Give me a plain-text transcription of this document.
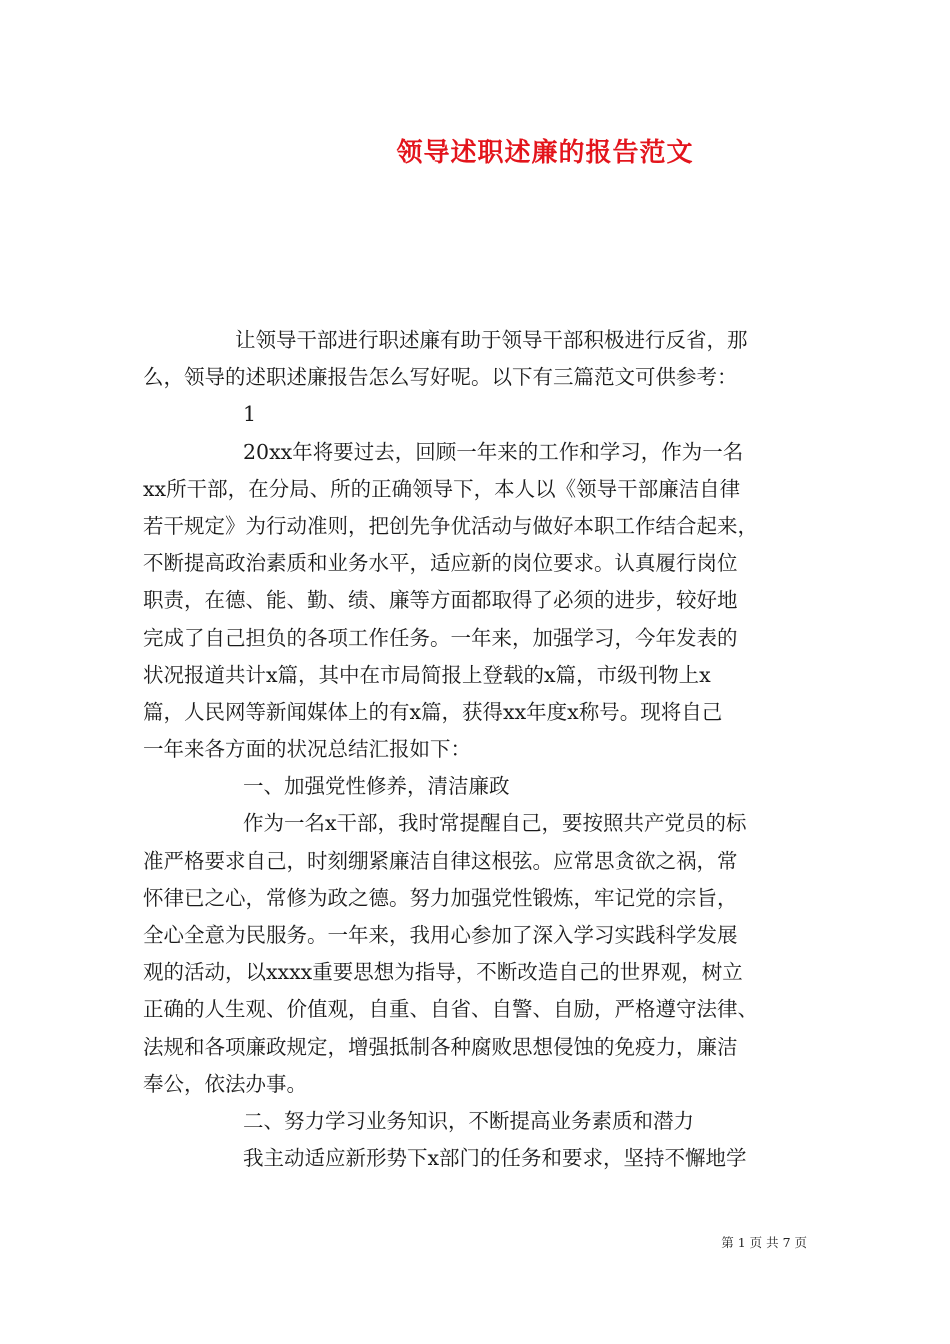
领导述职述廉的报告范文
让领导干部进行职述廉有助于领导干部积极进行反省，那
么，领导的述职述廉报告怎么写好呢。以下有三篇范文可供参考：
1
20xx年将要过去，回顾一年来的工作和学习，作为一名
xx所干部，在分局、所的正确领导下，本人以《领导干部廉洁自律
若干规定》为行动准则，把创先争优活动与做好本职工作结合起来，
不断提高政治素质和业务水平，适应新的岗位要求。认真履行岗位
职责，在德、能、勤、绩、廉等方面都取得了必须的进步，较好地
完成了自己担负的各项工作任务。一年来，加强学习，今年发表的
状况报道共计x篇，其中在市局简报上登载的x篇，市级刊物上x
篇，人民网等新闻媒体上的有x篇，获得xx年度x称号。现将自己
一年来各方面的状况总结汇报如下：
一、加强党性修养，清洁廉政
作为一名x干部，我时常提醒自己，要按照共产党员的标
准严格要求自己，时刻绷紧廉洁自律这根弦。应常思贪欲之祸，常
怀律已之心，常修为政之德。努力加强党性锻炼，牢记党的宗旨，
全心全意为民服务。一年来，我用心参加了深入学习实践科学发展
观的活动，以xxxx重要思想为指导，不断改造自己的世界观，树立
正确的人生观、价值观，自重、自省、自警、自励，严格遵守法律、
法规和各项廉政规定，增强抵制各种腐败思想侵蚀的免疫力，廉洁
奉公，依法办事。
二、努力学习业务知识，不断提高业务素质和潜力
我主动适应新形势下x部门的任务和要求，坚持不懈地学
第 1 页 共 7 页
